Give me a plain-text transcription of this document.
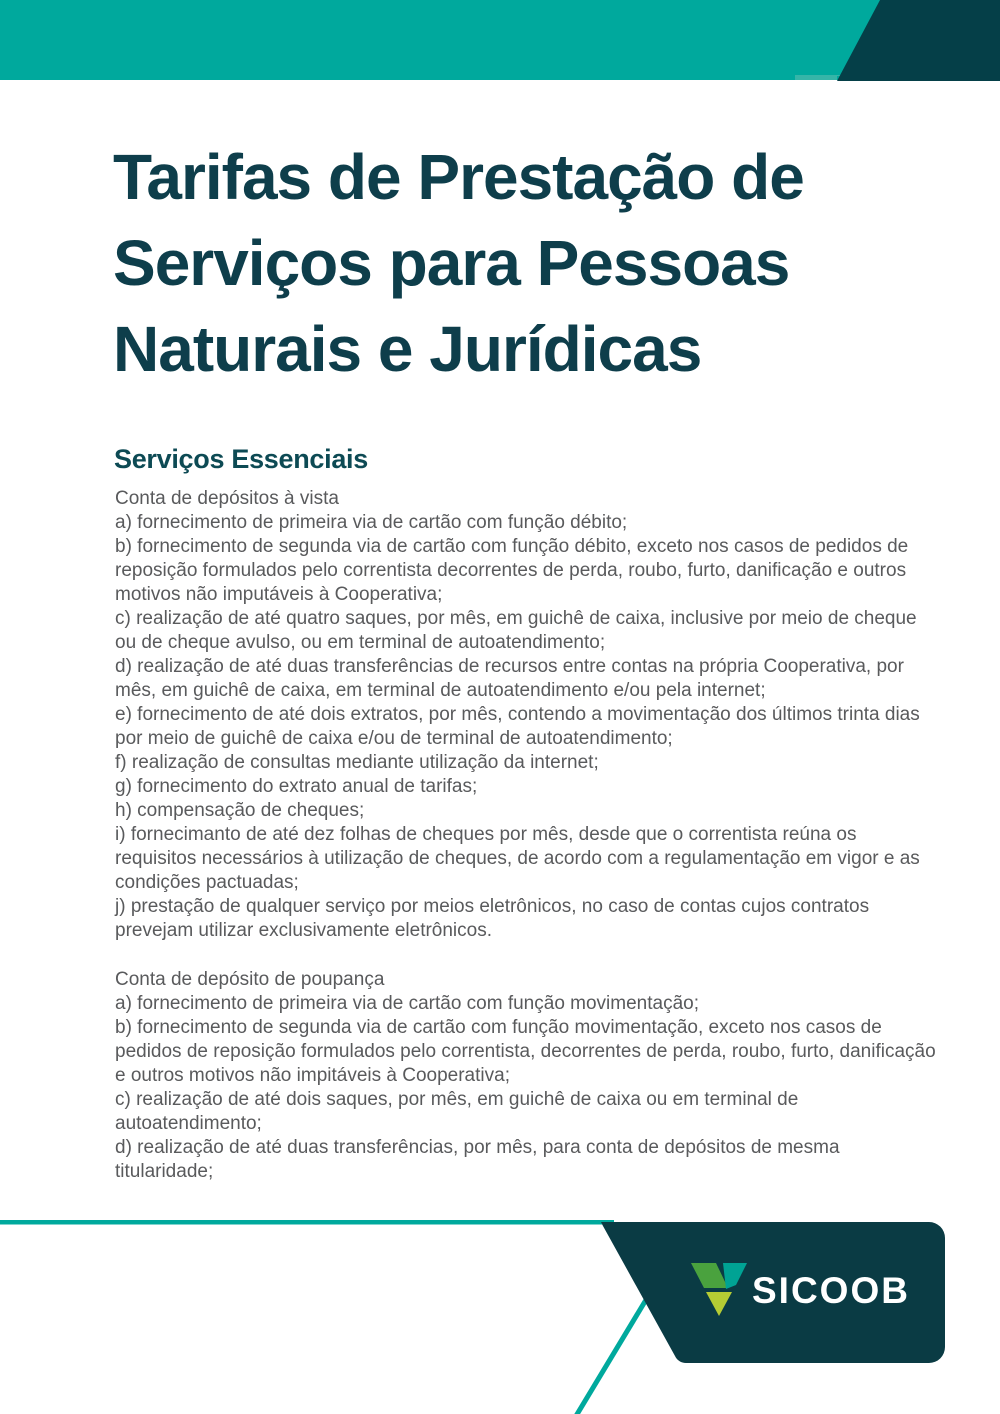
Tarifas de Prestação de Serviços para Pessoas Naturais e Jurídicas
Serviços Essenciais
Conta de depósitos à vista
a) fornecimento de primeira via de cartão com função débito;
b) fornecimento de segunda via de cartão com função débito, exceto nos casos de pedidos de reposição formulados pelo correntista decorrentes de perda, roubo, furto, danificação e outros motivos não imputáveis à Cooperativa;
c) realização de até quatro saques, por mês, em guichê de caixa, inclusive por meio de cheque ou de cheque avulso, ou em terminal de autoatendimento;
d) realização de até duas transferências de recursos entre contas na própria Cooperativa, por mês, em guichê de caixa, em terminal de autoatendimento e/ou pela internet;
e) fornecimento de até dois extratos, por mês, contendo a movimentação dos últimos trinta dias por meio de guichê de caixa e/ou de terminal de autoatendimento;
f) realização de consultas mediante utilização da internet;
g) fornecimento do extrato anual de tarifas;
h) compensação de cheques;
i) fornecimanto de até dez folhas de cheques por mês, desde que o correntista reúna os requisitos necessários à utilização de cheques, de acordo com a regulamentação em vigor e as condições pactuadas;
j) prestação de qualquer serviço por meios eletrônicos, no caso de contas cujos contratos prevejam utilizar exclusivamente eletrônicos.
Conta de depósito de poupança
a) fornecimento de primeira via de cartão com função movimentação;
b) fornecimento de segunda via de cartão com função movimentação, exceto nos casos de pedidos de reposição formulados pelo correntista, decorrentes de perda, roubo, furto, danificação e outros motivos não impitáveis à Cooperativa;
c) realização de até dois saques, por mês, em guichê de caixa ou em terminal de autoatendimento;
d) realização de até duas transferências, por mês, para conta de depósitos de mesma titularidade;
SICOOB
